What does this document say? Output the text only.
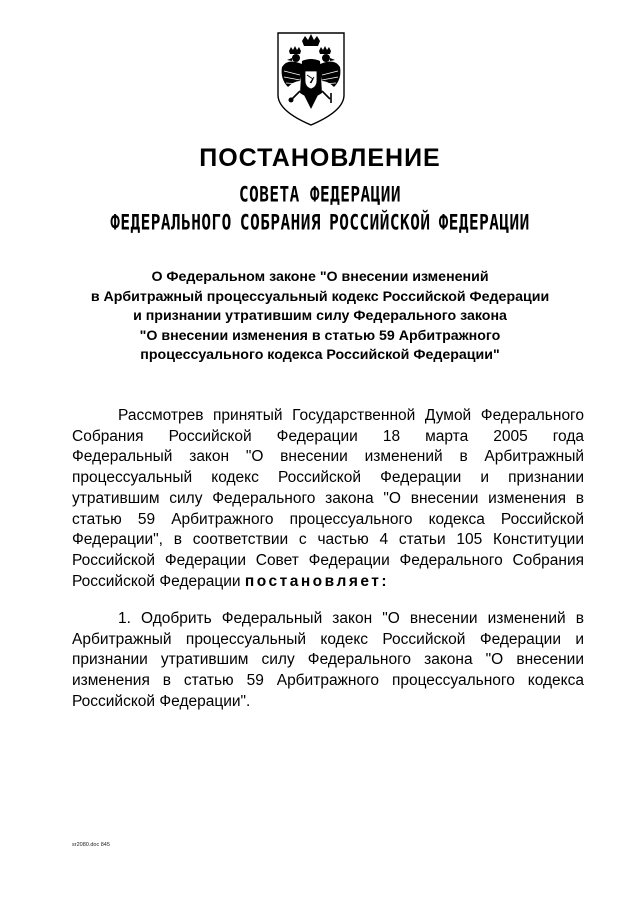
ПОСТАНОВЛЕНИЕ
СОВЕТА ФЕДЕРАЦИИ
ФЕДЕРАЛЬНОГО СОБРАНИЯ РОССИЙСКОЙ ФЕДЕРАЦИИ
О Федеральном законе "О внесении изменений
в Арбитражный процессуальный кодекс Российской Федерации
и признании утратившим силу Федерального закона
"О внесении изменения в статью 59 Арбитражного
процессуального кодекса Российской Федерации"
Рассмотрев принятый Государственной Думой Федерального
Собрания Российской Федерации 18 марта 2005 года
Федеральный закон "О внесении изменений в Арбитражный
процессуальный кодекс Российской Федерации и признании
утратившим силу Федерального закона "О внесении изменения в
статью 59 Арбитражного процессуального кодекса Российской
Федерации", в соответствии с частью 4 статьи 105 Конституции
Российской Федерации Совет Федерации Федерального Собрания
Российской Федерации постановляет:
1. Одобрить Федеральный закон "О внесении изменений в
Арбитражный процессуальный кодекс Российской Федерации и
признании утратившим силу Федерального закона "О внесении
изменения в статью 59 Арбитражного процессуального кодекса
Российской Федерации".
sr2080.doc 845
